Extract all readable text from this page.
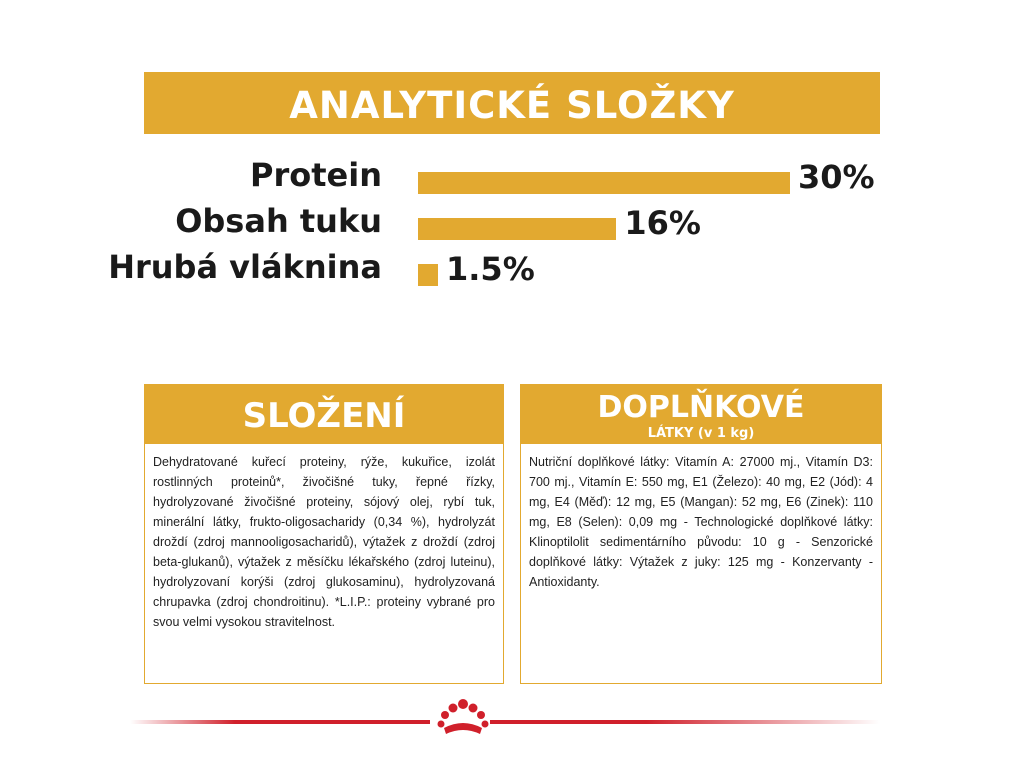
ANALYTICKÉ SLOŽKY
Protein	30%
Obsah tuku	16%
Hrubá vláknina 1.5%
SLOŽENÍ
Dehydratované kuřecí proteiny, rýže, kukuřice, izolát rostlinných proteinů*, živočišné tuky, řepné řízky, hydrolyzované živočišné proteiny, sójový olej, rybí tuk, minerální látky, frukto-oligosacharidy (0,34 %), hydrolyzát droždí (zdroj mannooligosacharidů), výtažek z droždí (zdroj beta-glukanů), výtažek z měsíčku lékařského (zdroj luteinu), hydrolyzovaní korýši (zdroj glukosaminu), hydrolyzovaná chrupavka (zdroj chondroitinu). *L.I.P.: proteiny vybrané pro svou velmi vysokou stravitelnost.
DOPLŇKOVÉ
LÁTKY (v 1 kg)
Nutriční doplňkové látky: Vitamín A: 27000 mj., Vitamín D3: 700 mj., Vitamín E: 550 mg, E1 (Železo): 40 mg, E2 (Jód): 4 mg, E4 (Měď): 12 mg, E5 (Mangan): 52 mg, E6 (Zinek): 110 mg, E8 (Selen): 0,09 mg - Technologické doplňkové látky: Klinoptilolit sedimentárního původu: 10 g - Senzorické doplňkové látky: Výtažek z juky: 125 mg - Konzervanty - Antioxidanty.
